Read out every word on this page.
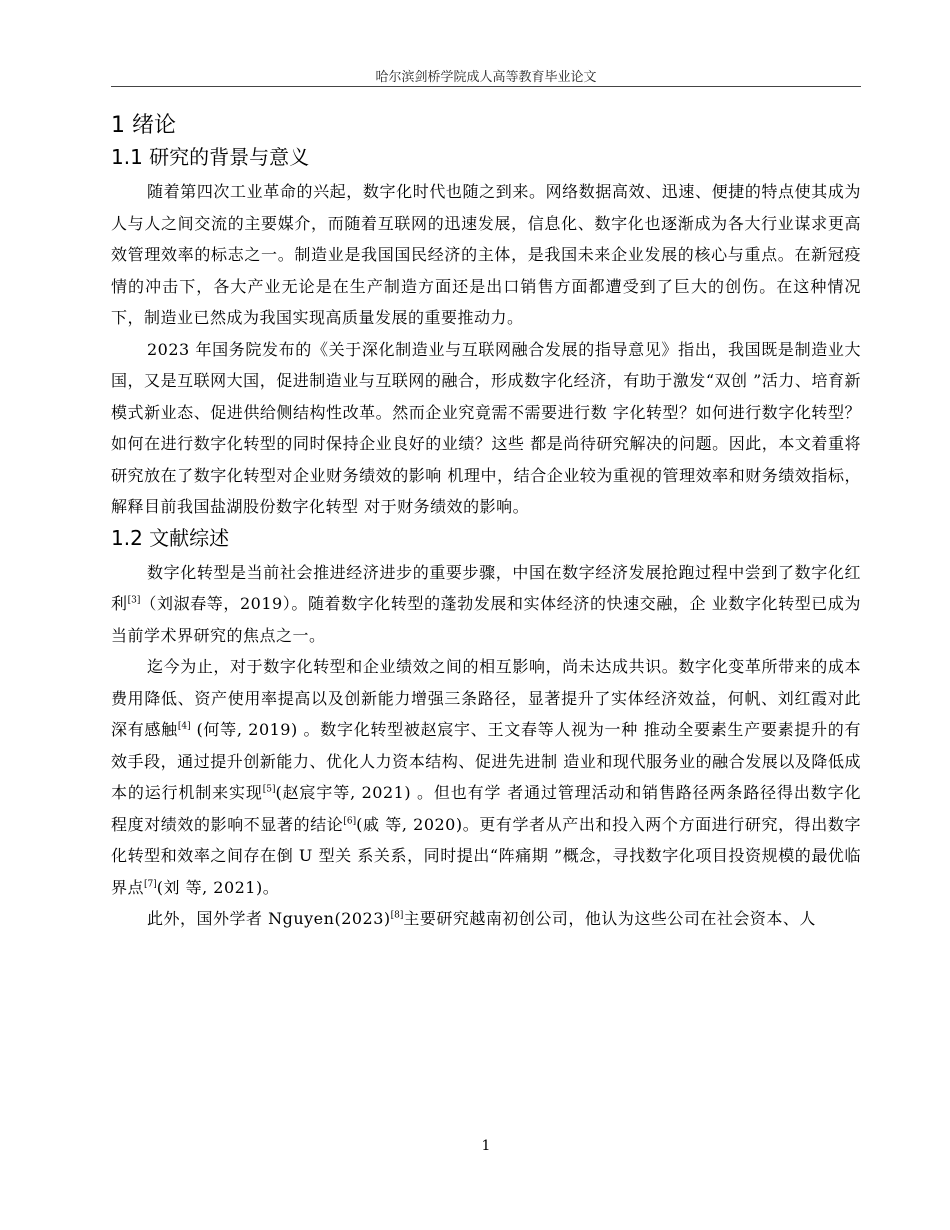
哈尔滨剑桥学院成人高等教育毕业论文
1 绪论
1.1 研究的背景与意义

随着第四次工业革命的兴起，数字化时代也随之到来。网络数据高效、迅速、便捷的特点使其成为人与人之间交流的主要媒介，而随着互联网的迅速发展，信息化、数字化也逐渐成为各大行业谋求更高效管理效率的标志之一。制造业是我国国民经济的主体，是我国未来企业发展的核心与重点。在新冠疫情的冲击下，各大产业无论是在生产制造方面还是出口销售方面都遭受到了巨大的创伤。在这种情况下，制造业已然成为我国实现高质量发展的重要推动力。

2023 年国务院发布的《关于深化制造业与互联网融合发展的指导意见》指出，我国既是制造业大国，又是互联网大国，促进制造业与互联网的融合，形成数字化经济，有助于激发“双创 ”活力、培育新模式新业态、促进供给侧结构性改革。然而企业究竟需不需要进行数 字化转型？如何进行数字化转型？如何在进行数字化转型的同时保持企业良好的业绩？这些 都是尚待研究解决的问题。因此，本文着重将研究放在了数字化转型对企业财务绩效的影响 机理中，结合企业较为重视的管理效率和财务绩效指标，解释目前我国盐湖股份数字化转型 对于财务绩效的影响。

1.2 文献综述

数字化转型是当前社会推进经济进步的重要步骤，中国在数字经济发展抢跑过程中尝到了数字化红利[3]（刘淑春等，2019）。随着数字化转型的蓬勃发展和实体经济的快速交融，企 业数字化转型已成为当前学术界研究的焦点之一。

迄今为止，对于数字化转型和企业绩效之间的相互影响，尚未达成共识。数字化变革所带来的成本费用降低、资产使用率提高以及创新能力增强三条路径，显著提升了实体经济效益，何帆、刘红霞对此深有感触[4] (何等, 2019) 。数字化转型被赵宸宇、王文春等人视为一种 推动全要素生产要素提升的有效手段，通过提升创新能力、优化人力资本结构、促进先进制 造业和现代服务业的融合发展以及降低成本的运行机制来实现[5](赵宸宇等, 2021) 。但也有学 者通过管理活动和销售路径两条路径得出数字化程度对绩效的影响不显著的结论[6](戚 等, 2020)。更有学者从产出和投入两个方面进行研究，得出数字化转型和效率之间存在倒 U 型关 系关系，同时提出“阵痛期 ”概念，寻找数字化项目投资规模的最优临界点[7](刘 等, 2021)。

此外，国外学者 Nguyen(2023)[8]主要研究越南初创公司，他认为这些公司在社会资本、人

1
